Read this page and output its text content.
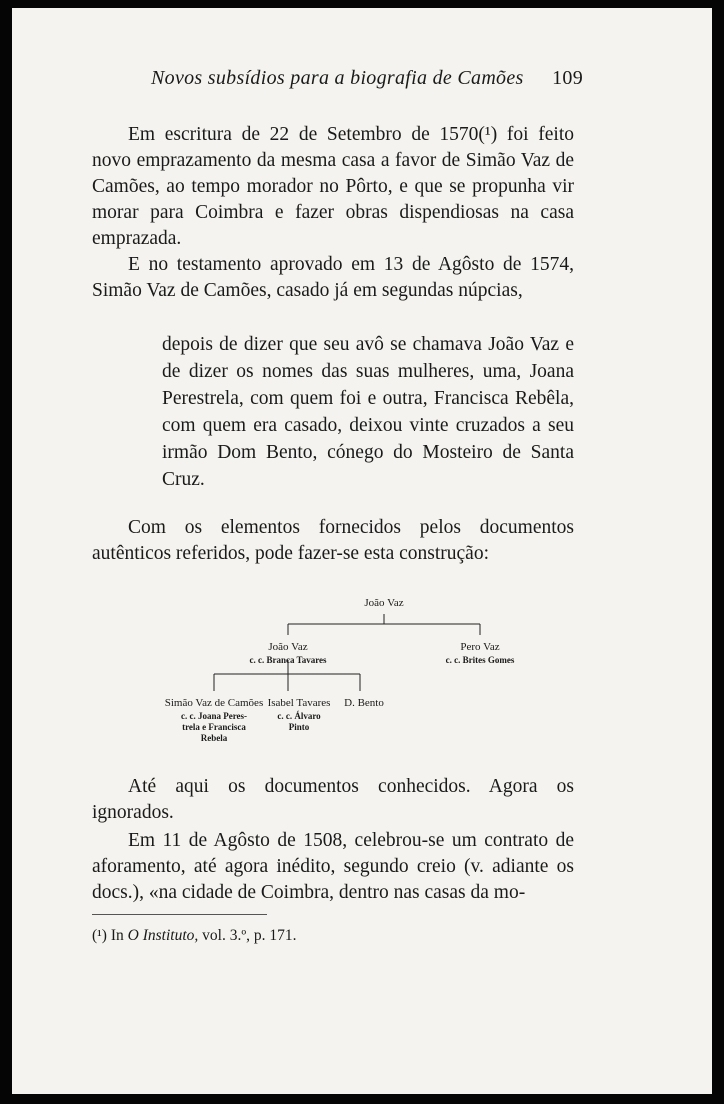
Novos subsídios para a biografia de Camões 109

Em escritura de 22 de Setembro de 1570(¹) foi feito novo emprazamento da mesma casa a favor de Simão Vaz de Camões, ao tempo morador no Pôrto, e que se propunha vir morar para Coimbra e fazer obras dispendiosas na casa emprazada.

E no testamento aprovado em 13 de Agôsto de 1574, Simão Vaz de Camões, casado já em segundas núpcias,

depois de dizer que seu avô se chamava João Vaz e de dizer os nomes das suas mulheres, uma, Joana Perestrela, com quem foi e outra, Francisca Rebêla, com quem era casado, deixou vinte cruzados a seu irmão Dom Bento, cónego do Mosteiro de Santa Cruz.

Com os elementos fornecidos pelos documentos autênticos referidos, pode fazer-se esta construção:

João Vaz
João Vaz
c. c. Branca Tavares
Pero Vaz
c. c. Brites Gomes
Simão Vaz de Camões
c. c. Joana Peres-
trela e Francisca
Rebela
Isabel Tavares
c. c. Álvaro
Pinto
D. Bento

Até aqui os documentos conhecidos. Agora os ignorados.

Em 11 de Agôsto de 1508, celebrou-se um contrato de aforamento, até agora inédito, segundo creio (v. adiante os docs.), «na cidade de Coimbra, dentro nas casas da mo-

(¹) In O Instituto, vol. 3.º, p. 171.
